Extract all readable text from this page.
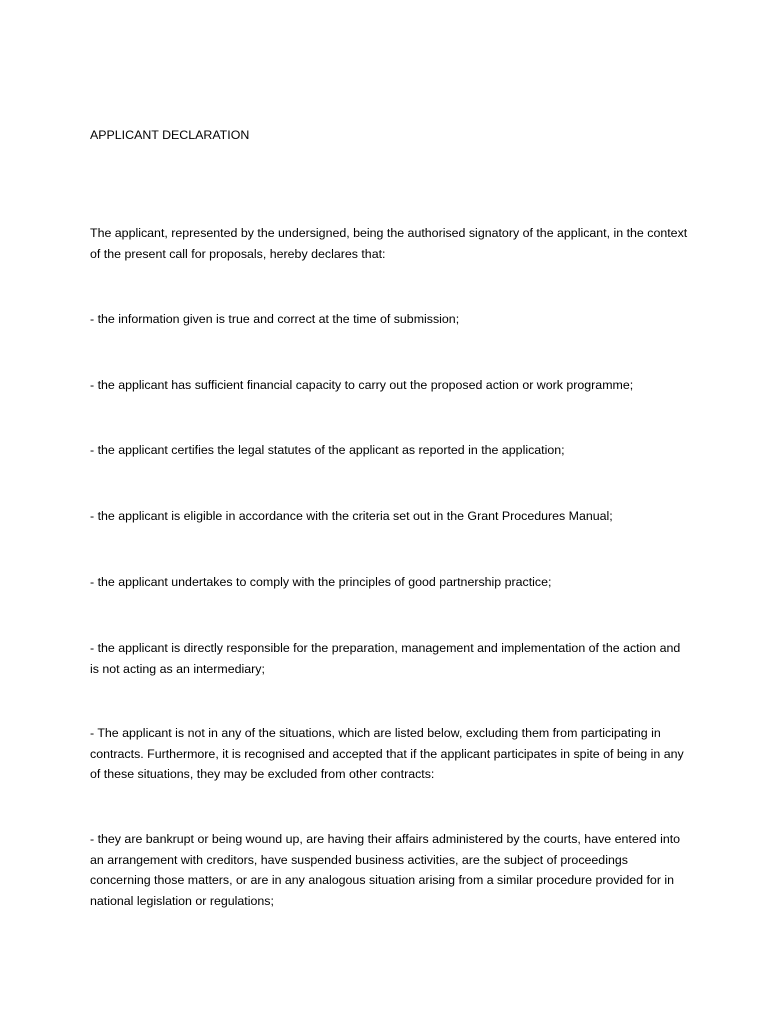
APPLICANT DECLARATION
The applicant, represented by the undersigned, being the authorised signatory of the applicant, in the context of the present call for proposals, hereby declares that:
- the information given is true and correct at the time of submission;
- the applicant has sufficient financial capacity to carry out the proposed action or work programme;
- the applicant certifies the legal statutes of the applicant as reported in the application;
- the applicant is eligible in accordance with the criteria set out in the Grant Procedures Manual;
- the applicant undertakes to comply with the principles of good partnership practice;
- the applicant is directly responsible for the preparation, management and implementation of the action and is not acting as an intermediary;
- The applicant is not in any of the situations, which are listed below, excluding them from participating in contracts. Furthermore, it is recognised and accepted that if the applicant participates in spite of being in any of these situations, they may be excluded from other contracts:
- they are bankrupt or being wound up, are having their affairs administered by the courts, have entered into an arrangement with creditors, have suspended business activities, are the subject of proceedings concerning those matters, or are in any analogous situation arising from a similar procedure provided for in national legislation or regulations;
